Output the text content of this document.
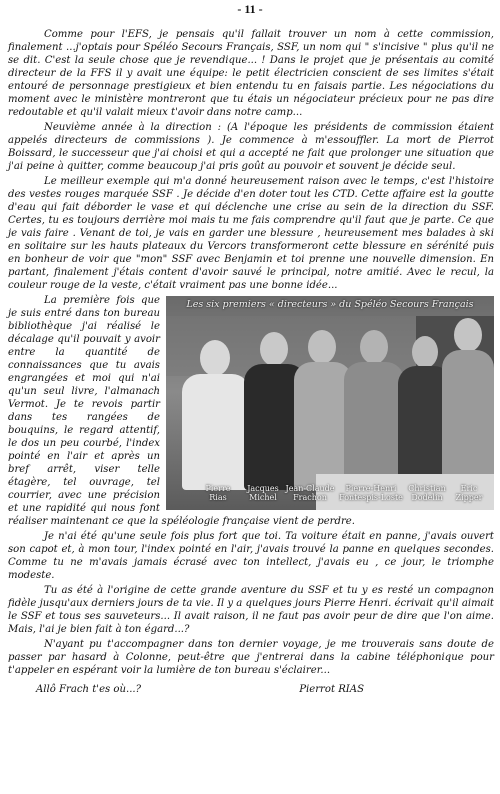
- 11 -

Comme pour l'EFS, je pensais qu'il fallait trouver un nom à cette commission, finalement ...j'optais pour Spéléo Secours Français, SSF, un nom qui " s'incisive " plus qu'il ne se dit. C'est la seule chose que je revendique... ! Dans le projet que je présentais au comité directeur de la FFS il y avait une équipe: le petit électricien conscient de ses limites s'était entouré de personnage prestigieux et bien entendu tu en faisais partie. Les négociations du moment avec le ministère montreront que tu étais un négociateur précieux pour ne pas dire redoutable et qu'il valait mieux t'avoir dans notre camp...

Neuvième année à la direction : (A l'époque les présidents de commission étaient appelés directeurs de commissions ). Je commence à m'essouffler. La mort de Pierrot Boissard, le successeur que j'ai choisi et qui a accepté ne fait que prolonger une situation que j'ai peine à quitter, comme beaucoup j'ai pris goût au pouvoir et souvent je décide seul.

Le meilleur exemple qui m'a donné heureusement raison avec le temps, c'est l'histoire des vestes rouges marquée SSF . Je décide d'en doter tout les CTD. Cette affaire est la goutte d'eau qui fait déborder le vase et qui déclenche une crise au sein de la direction du SSF. Certes, tu es toujours derrière moi mais tu me fais comprendre qu'il faut que je parte. Ce que je vais faire . Venant de toi, je vais en garder une blessure , heureusement mes balades à ski en solitaire sur les hauts plateaux du Vercors transformeront cette blessure en sérénité puis en bonheur de voir que "mon" SSF avec Benjamin et toi prenne une nouvelle dimension. En partant, finalement j'étais content d'avoir sauvé le principal, notre amitié. Avec le recul, la couleur rouge de la veste, c'était vraiment pas une bonne idée...

Les six premiers « directeurs » du Spéléo Secours Français
Pierre
Rias
Jacques
Michel
Jean-Claude
Frachon
Pierre-Henri
Fontespis-Loste
Christian
Dodelin
Eric
Zipper

La première fois que je suis entré dans ton bureau bibliothèque j'ai réalisé le décalage qu'il pouvait y avoir entre la quantité de connaissances que tu avais engrangées et moi qui n'ai qu'un seul livre, l'almanach Vermot. Je te revois partir dans tes rangées de bouquins, le regard attentif, le dos un peu courbé, l'index pointé en l'air et après un bref arrêt, viser telle étagère, tel ouvrage, tel courrier, avec une précision et une rapidité qui nous font réaliser maintenant ce que la spéléologie française vient de perdre.

Je n'ai été qu'une seule fois plus fort que toi. Ta voiture était en panne, j'avais ouvert son capot et, à mon tour, l'index pointé en l'air, j'avais trouvé la panne en quelques secondes. Comme tu ne m'avais jamais écrasé avec ton intellect, j'avais eu , ce jour, le triomphe modeste.

Tu as été à l'origine de cette grande aventure du SSF et tu y es resté un compagnon fidèle jusqu'aux derniers jours de ta vie. Il y a quelques jours Pierre Henri. écrivait qu'il aimait le SSF et tous ses sauveteurs... Il avait raison, il ne faut pas avoir peur de dire que l'on aime. Mais, l'ai je bien fait à ton égard...?

N'ayant pu t'accompagner dans ton dernier voyage, je me trouverais sans doute de passer par hasard à Colonne, peut-être que j'entrerai dans la cabine téléphonique pour t'appeler en espérant voir la lumière de ton bureau s'éclairer...

Allô Frach t'es où...?	Pierrot RIAS
